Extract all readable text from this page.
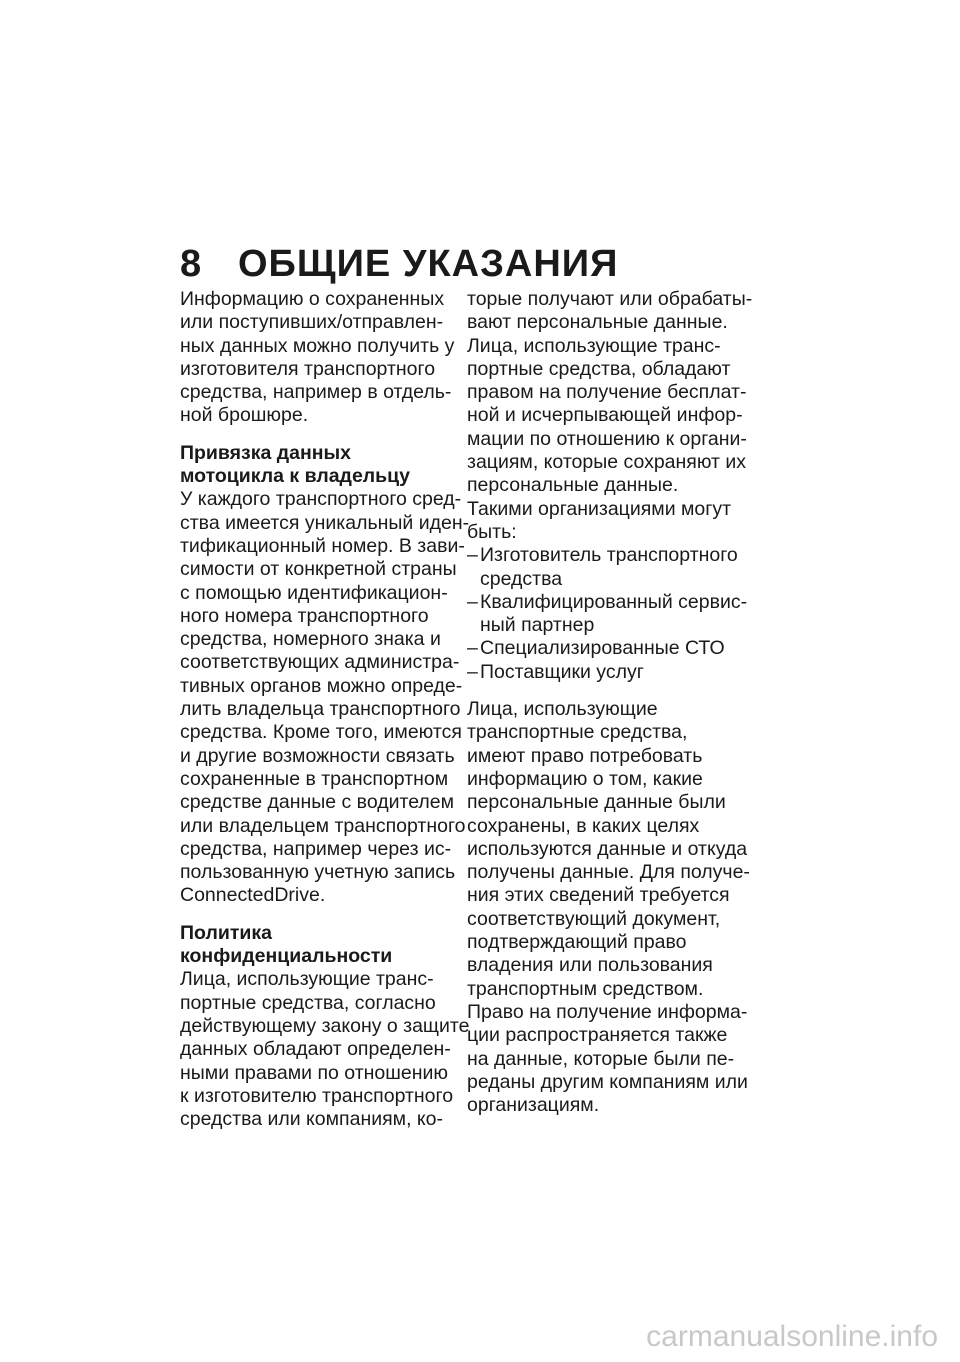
8 ОБЩИЕ УКАЗАНИЯ

Информацию о сохраненных

или поступивших/отправлен-

ных данных можно получить у

изготовителя транспортного

средства, например в отдель-

ной брошюре.

Привязка данных

мотоцикла к владельцу

У каждого транспортного сред-

ства имеется уникальный иден-

тификационный номер. В зави-

симости от конкретной страны

с помощью идентификацион-

ного номера транспортного

средства, номерного знака и

соответствующих администра-

тивных органов можно опреде-

лить владельца транспортного

средства. Кроме того, имеются

и другие возможности связать

сохраненные в транспортном

средстве данные с водителем

или владельцем транспортного

средства, например через ис-

пользованную учетную запись

ConnectedDrive.

Политика

конфиденциальности

Лица, использующие транс-

портные средства, согласно

действующему закону о защите

данных обладают определен-

ными правами по отношению

к изготовителю транспортного

средства или компаниям, ко-

торые получают или обрабаты-

вают персональные данные.

Лица, использующие транс-

портные средства, обладают

правом на получение бесплат-

ной и исчерпывающей инфор-

мации по отношению к органи-

зациям, которые сохраняют их

персональные данные.

Такими организациями могут

быть:

– Изготовитель транспортного

средства

– Квалифицированный сервис-

ный партнер

– Специализированные СТО

– Поставщики услуг

Лица, использующие

транспортные средства,

имеют право потребовать

информацию о том, какие

персональные данные были

сохранены, в каких целях

используются данные и откуда

получены данные. Для получе-

ния этих сведений требуется

соответствующий документ,

подтверждающий право

владения или пользования

транспортным средством.

Право на получение информа-

ции распространяется также

на данные, которые были пе-

реданы другим компаниям или

организациям.

carmanualsonline.info
